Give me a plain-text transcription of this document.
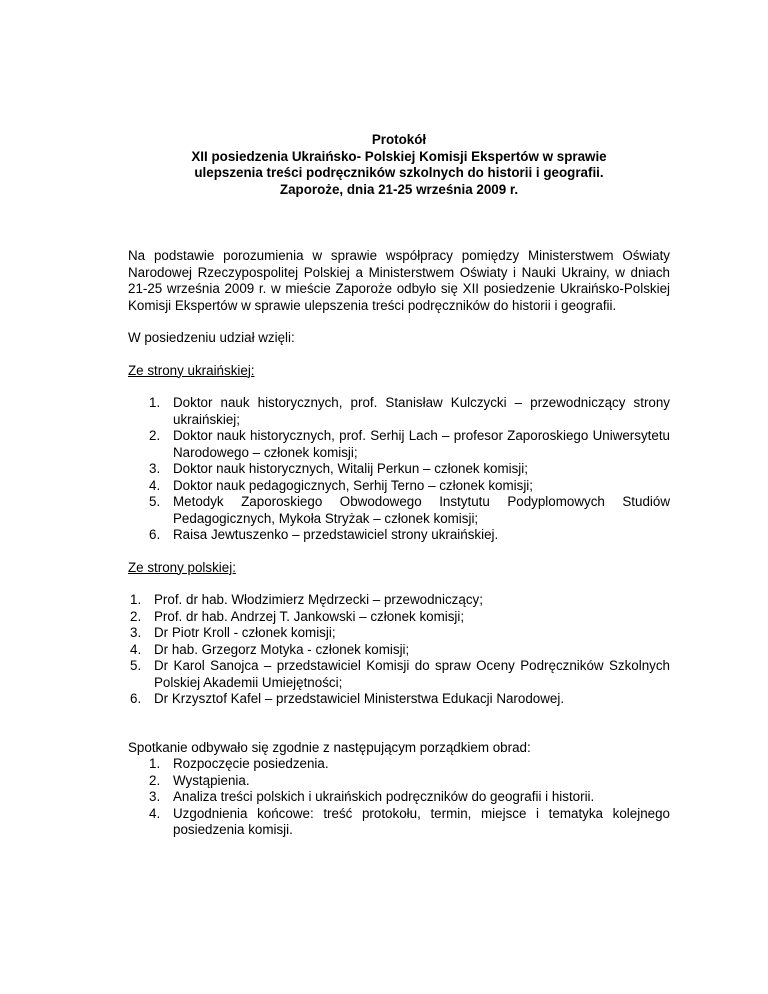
Protokół
XII posiedzenia Ukraińsko- Polskiej Komisji Ekspertów w sprawie
ulepszenia treści podręczników szkolnych do historii i geografii.
Zaporoże, dnia 21-25 września 2009 r.

Na podstawie porozumienia w sprawie współpracy pomiędzy Ministerstwem Oświaty Narodowej Rzeczypospolitej Polskiej a Ministerstwem Oświaty i Nauki Ukrainy, w dniach 21-25 września 2009 r. w mieście Zaporoże odbyło się XII posiedzenie Ukraińsko-Polskiej Komisji Ekspertów w sprawie ulepszenia treści podręczników do historii i geografii.

W posiedzeniu udział wzięli:

Ze strony ukraińskiej:

1. Doktor nauk historycznych, prof. Stanisław Kulczycki – przewodniczący strony ukraińskiej;
2. Doktor nauk historycznych, prof. Serhij Lach – profesor Zaporoskiego Uniwersytetu Narodowego – członek komisji;
3. Doktor nauk historycznych, Witalij Perkun – członek komisji;
4. Doktor nauk pedagogicznych, Serhij Terno – członek komisji;
5. Metodyk Zaporoskiego Obwodowego Instytutu Podyplomowych Studiów Pedagogicznych, Mykoła Stryżak – członek komisji;
6. Raisa Jewtuszenko – przedstawiciel strony ukraińskiej.

Ze strony polskiej:

1. Prof. dr hab. Włodzimierz Mędrzecki – przewodniczący;
2. Prof. dr hab. Andrzej T. Jankowski – członek komisji;
3. Dr Piotr Kroll - członek komisji;
4. Dr hab. Grzegorz Motyka - członek komisji;
5. Dr Karol Sanojca – przedstawiciel Komisji do spraw Oceny Podręczników Szkolnych Polskiej Akademii Umiejętności;
6. Dr Krzysztof Kafel – przedstawiciel Ministerstwa Edukacji Narodowej.

Spotkanie odbywało się zgodnie z następującym porządkiem obrad:

1. Rozpoczęcie posiedzenia.
2. Wystąpienia.
3. Analiza treści polskich i ukraińskich podręczników do geografii i historii.
4. Uzgodnienia końcowe: treść protokołu, termin, miejsce i tematyka kolejnego posiedzenia komisji.
